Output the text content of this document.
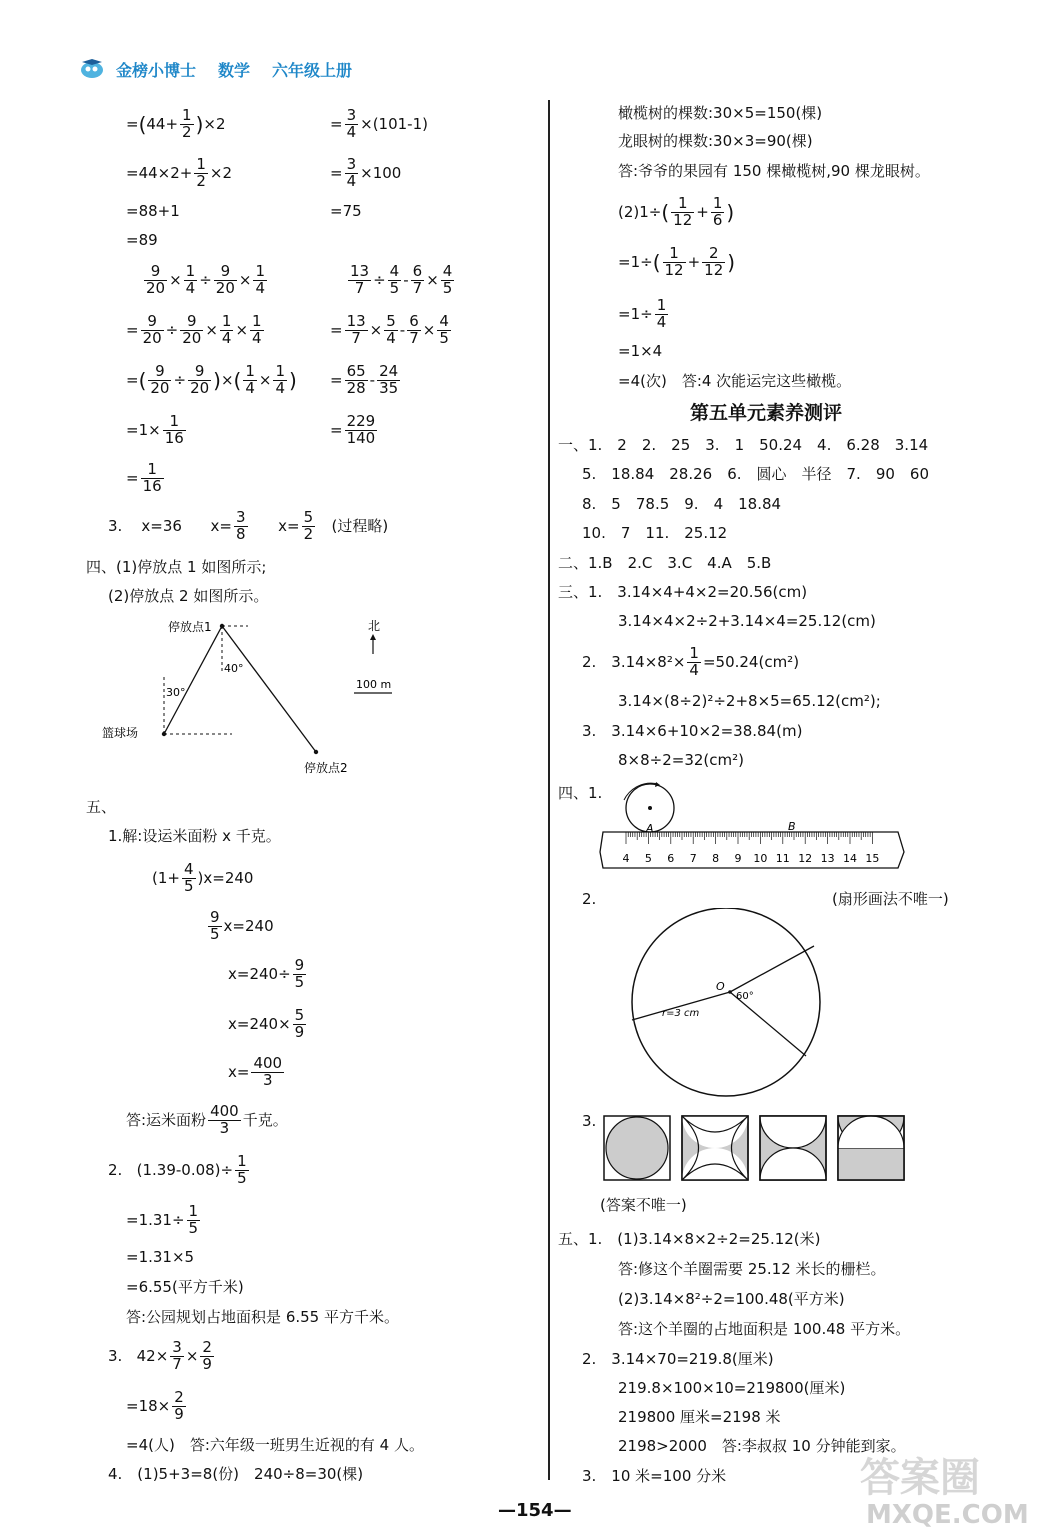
金榜小博士 数学 六年级上册
$=(44+ \frac{1}{2} )\times 2$	= $\frac{3}{4} \times(101-1)$
$=44\times 2+ \frac{1}{2} \times 2$	= $\frac{3}{4} \times 100$
=88+1	=75
=89
$\frac{9}{20} \times \frac{1}{4} \div \frac{9}{20} \times \frac{1}{4}$	$\frac{13}{7} \div \frac{4}{5} - \frac{6}{7} \times \frac{4}{5}$
= $\frac{9}{20} \div \frac{9}{20} \times \frac{1}{4} \times \frac{1}{4}$	= $\frac{13}{7} \times \frac{5}{4} - \frac{6}{7} \times \frac{4}{5}$
=( $\frac{9}{20} \div \frac{9}{20}$ )×( $\frac{1}{4} \times \frac{1}{4}$ ) = $\frac{65}{28} - \frac{24}{35}$
$=1\times \frac{1}{16}$	= $\frac{229}{140}$
= $\frac{1}{16}$
3. x=36 $x= \frac{3}{8} x= \frac{5}{2}$ (过程略)
四、(1)停放点 1 如图所示;
(2)停放点 2 如图所示。
停放点1
篮球场
停放点2
30°
40°
北
100 m
五、
1.解:设运米面粉 x 千克。
$(1+ \frac{4}{5} )x=240$
$\frac{9}{5} x=240$
$x=240\div \frac{9}{5}$
$x=240\times \frac{5}{9}$
$x= \frac{400}{3}$
答:运米面粉 $\frac{400}{3}$ 千克。
2. $(1.39-0.08)\div \frac{1}{5}$
$=1.31\div \frac{1}{5}$
=1.31×5
=6.55(平方千米)
答:公园规划占地面积是 6.55 平方千米。
3. $42\times \frac{3}{7} \times \frac{2}{9}$
$=18\times \frac{2}{9}$
=4(人)　答:六年级一班男生近视的有 4 人。
4.　(1)5+3=8(份)　240÷8=30(棵)
橄榄树的棵数:30×5=150(棵)
龙眼树的棵数:30×3=90(棵)
答:爷爷的果园有 150 棵橄榄树,90 棵龙眼树。
$(2)1\div( \frac{1}{12} + \frac{1}{6}$ )
$=1\div( \frac{1}{12} + \frac{2}{12}$ )
$=1\div \frac{1}{4}$
=1×4
=4(次)　答:4 次能运完这些橄榄。
第五单元素养测评
一、1.　2　2.　25　3.　1　50.24　4.　6.28　3.14
5.　18.84　28.26　6.　圆心　半径　7.　90　60
8.　5　78.5　9.　4　18.84
10.　7　11.　25.12
二、1.B　2.C　3.C　4.A　5.B
三、1.　3.14×4+4×2=20.56(cm)
3.14×4×2÷2+3.14×4=25.12(cm)
2.　$3.14\times 8^2\times \frac{1}{4} =50.24(cm^2)$
3.14×(8÷2)²÷2+8×5=65.12(cm²);
3.　3.14×6+10×2=38.84(m)
8×8÷2=32(cm²)
四、1.
4 5 6 7 8 9 10 11 12 13 14 15
A	B
2.	(扇形画法不唯一)
O
60°
r=3 cm
3.
(答案不唯一)
五、1.　(1)3.14×8×2÷2=25.12(米)
答:修这个羊圈需要 25.12 米长的栅栏。
(2)3.14×8²÷2=100.48(平方米)
答:这个羊圈的占地面积是 100.48 平方米。
2.　3.14×70=219.8(厘米)
219.8×100×10=219800(厘米)
219800 厘米=2198 米
2198>2000　答:李叔叔 10 分钟能到家。
3.　10 米=100 分米
—154—
答案圈
MXQE.COM
